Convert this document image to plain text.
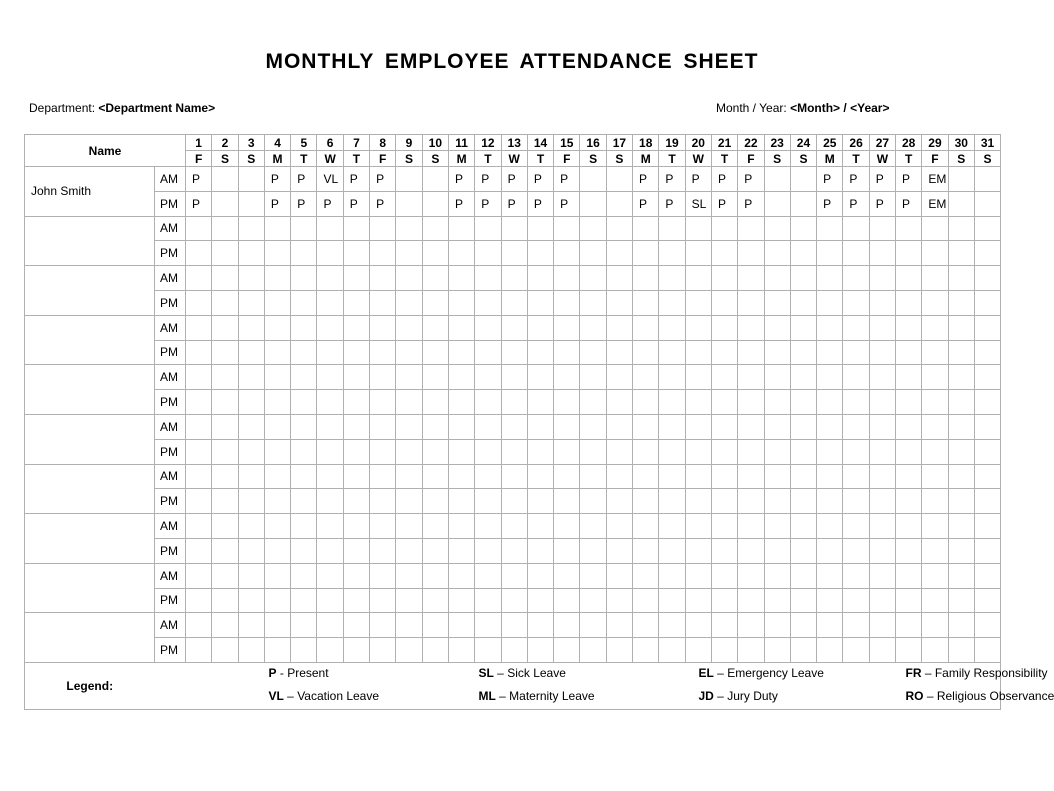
MONTHLY EMPLOYEE ATTENDANCE SHEET
Department: <Department Name>	Month / Year: <Month> / <Year>
Name		1	2	3	4	5	6	7	8	9	10	11	12	13	14	15	16	17	18	19	20	21	22	23	24	25	26	27	28	29	30	31
		F	S	S	M	T	W	T	F	S	S	M	T	W	T	F	S	S	M	T	W	T	F	S	S	M	T	W	T	F	S	S
John Smith	AM	P			P	P	VL	P	P			P	P	P	P	P			P	P	P	P	P			P	P	P	P	EM		
	PM	P			P	P	P	P	P			P	P	P	P	P			P	P	SL	P	P			P	P	P	P	EM		
	AM																															
	PM																															
	AM																															
	PM																															
	AM																															
	PM																															
	AM																															
	PM																															
	AM																															
	PM																															
	AM																															
	PM																															
	AM																															
	PM																															
	AM																															
	PM																															
	AM																															
	PM																															
Legend:	P - Present SL – Sick Leave EL – Emergency Leave FR – Family Responsibility																															

	VL – Vacation Leave ML – Maternity Leave JD – Jury Duty RO – Religious Observance																															
